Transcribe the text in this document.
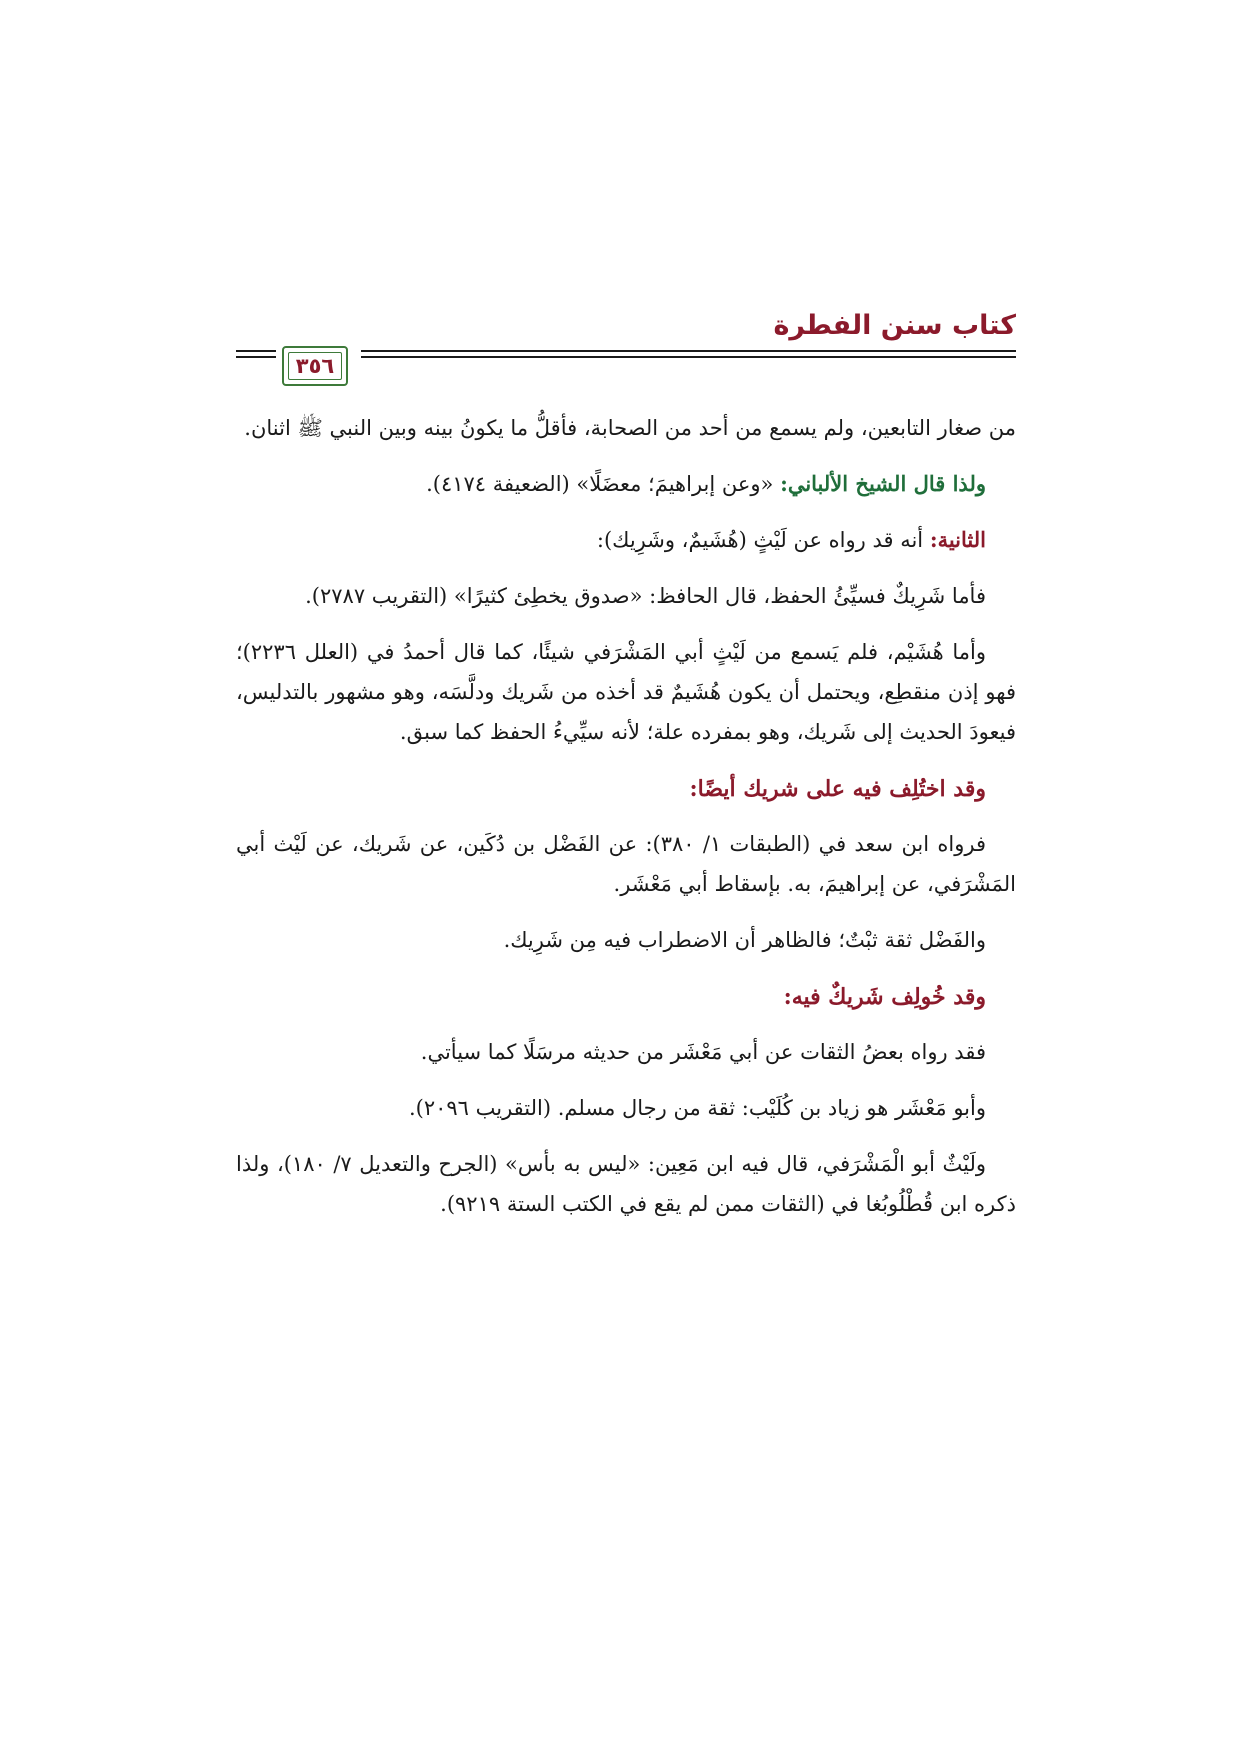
كتاب سنن الفطرة
٣٥٦

من صغار التابعين، ولم يسمع من أحد من الصحابة، فأقلُّ ما يكونُ بينه وبين النبي ﷺ اثنان.

ولذا قال الشيخ الألباني: «وعن إبراهيمَ؛ معضَلًا» (الضعيفة ٤١٧٤).

الثانية: أنه قد رواه عن لَيْثٍ (هُشَيمٌ، وشَرِيك):

فأما شَرِيكٌ فسيِّئُ الحفظ، قال الحافظ: «صدوق يخطِئ كثيرًا» (التقريب ٢٧٨٧).

وأما هُشَيْم، فلم يَسمع من لَيْثٍ أبي المَشْرَفي شيئًا، كما قال أحمدُ في (العلل ٢٢٣٦)؛ فهو إذن منقطِع، ويحتمل أن يكون هُشَيمٌ قد أخذه من شَريك ودلَّسَه، وهو مشهور بالتدليس، فيعودَ الحديث إلى شَريك، وهو بمفرده علة؛ لأنه سيِّيءُ الحفظ كما سبق.

وقد اختُلِف فيه على شريك أيضًا:

فرواه ابن سعد في (الطبقات ١/ ٣٨٠): عن الفَضْل بن دُكَين، عن شَريك، عن لَيْث أبي المَشْرَفي، عن إبراهيمَ، به. بإسقاط أبي مَعْشَر.

والفَضْل ثقة ثبْتٌ؛ فالظاهر أن الاضطراب فيه مِن شَرِيك.

وقد خُولِف شَريكٌ فيه:

فقد رواه بعضُ الثقات عن أبي مَعْشَر من حديثه مرسَلًا كما سيأتي.

وأبو مَعْشَر هو زياد بن كُلَيْب: ثقة من رجال مسلم. (التقريب ٢٠٩٦).

ولَيْثٌ أبو الْمَشْرَفي، قال فيه ابن مَعِين: «ليس به بأس» (الجرح والتعديل ٧/ ١٨٠)، ولذا ذكره ابن قُطْلُوبُغا في (الثقات ممن لم يقع في الكتب الستة ٩٢١٩).
